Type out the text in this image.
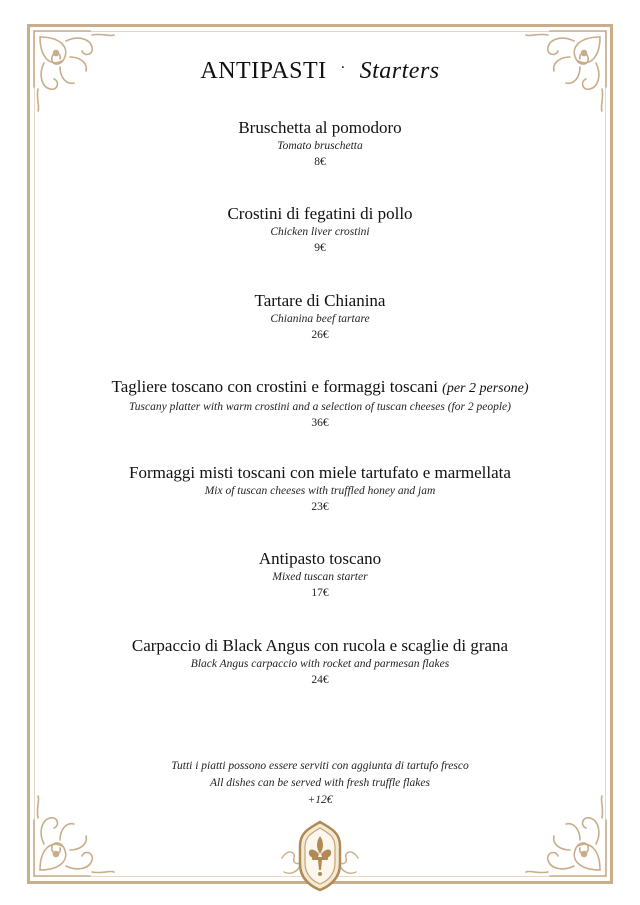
ANTIPASTI · Starters
Bruschetta al pomodoro
Tomato bruschetta
8€
Crostini di fegatini di pollo
Chicken liver crostini
9€
Tartare di Chianina
Chianina beef tartare
26€
Tagliere toscano con crostini e formaggi toscani (per 2 persone)
Tuscany platter with warm crostini and a selection of tuscan cheeses (for 2 people)
36€
Formaggi misti toscani con miele tartufato e marmellata
Mix of tuscan cheeses with truffled honey and jam
23€
Antipasto toscano
Mixed tuscan starter
17€
Carpaccio di Black Angus con rucola e scaglie di grana
Black Angus carpaccio with rocket and parmesan flakes
24€
Tutti i piatti possono essere serviti con aggiunta di tartufo fresco
All dishes can be served with fresh truffle flakes
+12€
